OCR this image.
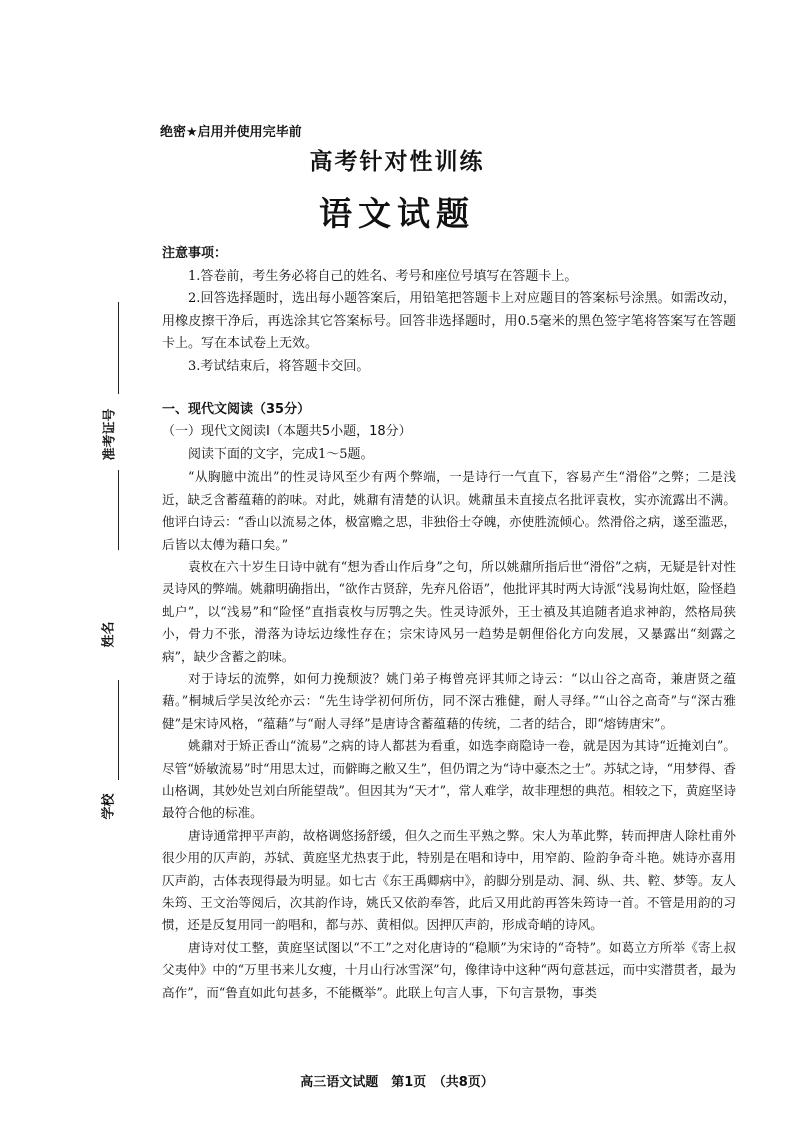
准考证号
姓名
学校
绝密★启用并使用完毕前
高考针对性训练
语文试题

注意事项：

1.答卷前，考生务必将自己的姓名、考号和座位号填写在答题卡上。

2.回答选择题时，选出每小题答案后，用铅笔把答题卡上对应题目的答案标号涂黑。如需改动，用橡皮擦干净后，再选涂其它答案标号。回答非选择题时，用0.5毫米的黑色签字笔将答案写在答题卡上。写在本试卷上无效。

3.考试结束后，将答题卡交回。

一、现代文阅读（35分）

（一）现代文阅读Ⅰ（本题共5小题，18分）

阅读下面的文字，完成1～5题。

“从胸臆中流出”的性灵诗风至少有两个弊端，一是诗行一气直下，容易产生“滑俗”之弊；二是浅近，缺乏含蓄蕴藉的韵味。对此，姚鼐有清楚的认识。姚鼐虽未直接点名批评袁枚，实亦流露出不满。他评白诗云：“香山以流易之体，极富赡之思，非独俗士夺魄，亦使胜流倾心。然滑俗之病，遂至滥恶，后皆以太傅为藉口矣。”

袁枚在六十岁生日诗中就有“想为香山作后身”之句，所以姚鼐所指后世“滑俗”之病，无疑是针对性灵诗风的弊端。姚鼐明确指出，“欲作古贤辞，先弃凡俗语”，他批评其时两大诗派“浅易询灶妪，险怪趋虬户”，以“浅易”和“险怪”直指袁枚与厉鹗之失。性灵诗派外，王士禛及其追随者追求神韵，然格局狭小，骨力不张，滑落为诗坛边缘性存在；宗宋诗风另一趋势是朝俚俗化方向发展，又暴露出“刻露之病”，缺少含蓄之韵味。

对于诗坛的流弊，如何力挽颓波？姚门弟子梅曾亮评其师之诗云：“以山谷之高奇，兼唐贤之蕴藉。”桐城后学吴汝纶亦云：“先生诗学初何所仿，同不深古雅健，耐人寻绎。”“山谷之高奇”与“深古雅健”是宋诗风格，“蕴藉”与“耐人寻绎”是唐诗含蓄蕴藉的传统，二者的结合，即“熔铸唐宋”。

姚鼐对于矫正香山“流易”之病的诗人都甚为看重，如选李商隐诗一卷，就是因为其诗“近掩刘白”。尽管“娇敏流易”时“用思太过，而僻晦之敝又生”，但仍谓之为“诗中豪杰之士”。苏轼之诗，“用梦得、香山格调，其妙处岂刘白所能望哉”。但因其为“天才”，常人难学，故非理想的典范。相较之下，黄庭坚诗最符合他的标准。

唐诗通常押平声韵，故格调悠扬舒缓，但久之而生平熟之弊。宋人为革此弊，转而押唐人除杜甫外很少用的仄声韵，苏轼、黄庭坚尤热衷于此，特别是在唱和诗中，用窄韵、险韵争奇斗艳。姚诗亦喜用仄声韵，古体表现得最为明显。如七古《东王禹卿病中》，韵脚分别是动、洞、纵、共、鞚、梦等。友人朱筠、王文治等阅后，次其韵作诗，姚氏又依韵奉答，此后又用此韵再答朱筠诗一首。不管是用韵的习惯，还是反复用同一韵唱和，都与苏、黄相似。因押仄声韵，形成奇峭的诗风。

唐诗对仗工整，黄庭坚试图以“不工”之对化唐诗的“稳顺”为宋诗的“奇特”。如葛立方所举《寄上叔父夷仲》中的“万里书来儿女瘦，十月山行冰雪深”句，像律诗中这种“两句意甚远，而中实潜贯者，最为高作”，而“鲁直如此句甚多，不能概举”。此联上句言人事，下句言景物，事类

高三语文试题　第1页　（共8页）
